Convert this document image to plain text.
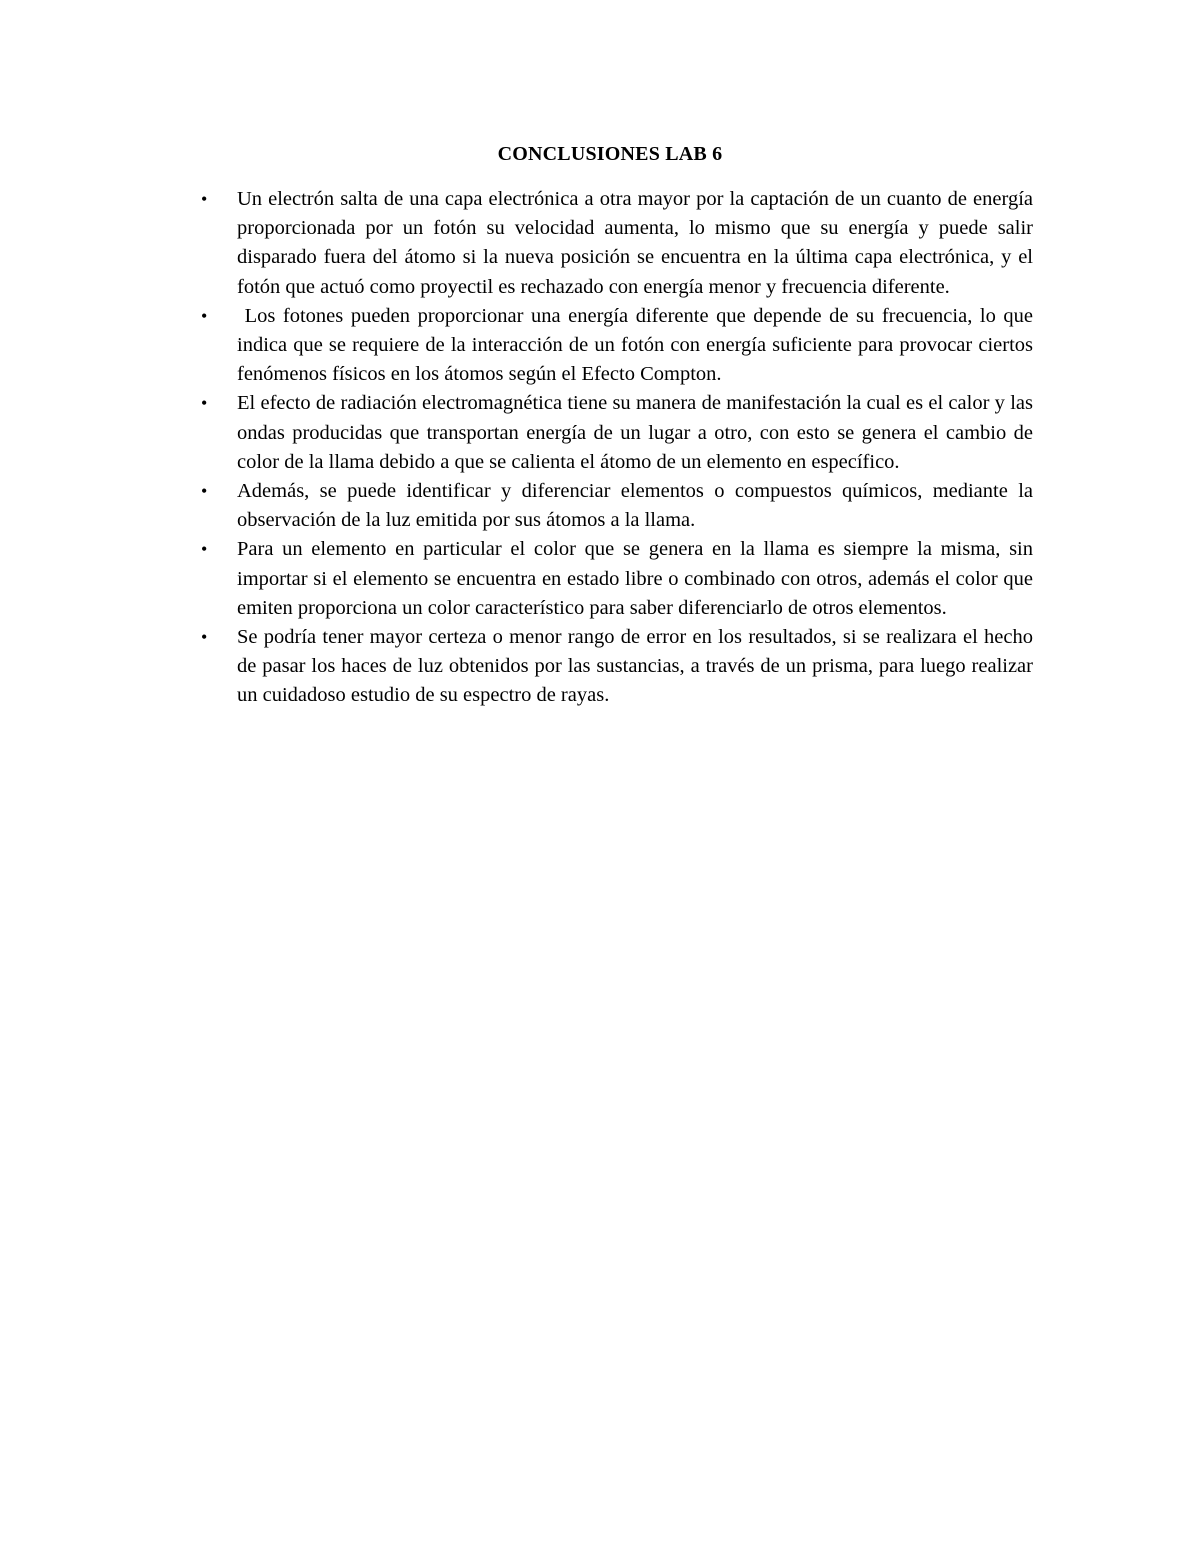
CONCLUSIONES LAB 6
• Un electrón salta de una capa electrónica a otra mayor por la captación de un cuanto de energía proporcionada por un fotón su velocidad aumenta, lo mismo que su energía y puede salir disparado fuera del átomo si la nueva posición se encuentra en la última capa electrónica, y el fotón que actuó como proyectil es rechazado con energía menor y frecuencia diferente.
• Los fotones pueden proporcionar una energía diferente que depende de su frecuencia, lo que indica que se requiere de la interacción de un fotón con energía suficiente para provocar ciertos fenómenos físicos en los átomos según el Efecto Compton.
• El efecto de radiación electromagnética tiene su manera de manifestación la cual es el calor y las ondas producidas que transportan energía de un lugar a otro, con esto se genera el cambio de color de la llama debido a que se calienta el átomo de un elemento en específico.
• Además, se puede identificar y diferenciar elementos o compuestos químicos, mediante la observación de la luz emitida por sus átomos a la llama.
• Para un elemento en particular el color que se genera en la llama es siempre la misma, sin importar si el elemento se encuentra en estado libre o combinado con otros, además el color que emiten proporciona un color característico para saber diferenciarlo de otros elementos.
• Se podría tener mayor certeza o menor rango de error en los resultados, si se realizara el hecho de pasar los haces de luz obtenidos por las sustancias, a través de un prisma, para luego realizar un cuidadoso estudio de su espectro de rayas.
